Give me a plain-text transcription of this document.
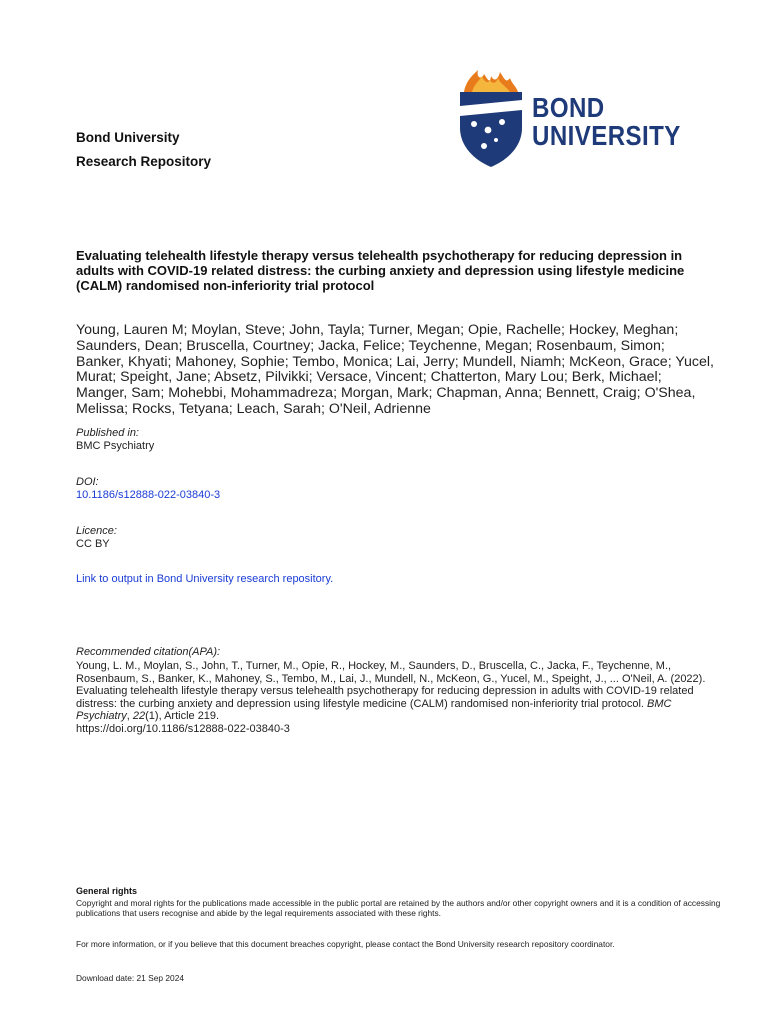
Bond University
Research Repository
BOND
UNIVERSITY
Evaluating telehealth lifestyle therapy versus telehealth psychotherapy for reducing depression in adults with COVID-19 related distress: the curbing anxiety and depression using lifestyle medicine (CALM) randomised non-inferiority trial protocol
Young, Lauren M; Moylan, Steve; John, Tayla; Turner, Megan; Opie, Rachelle; Hockey, Meghan; Saunders, Dean; Bruscella, Courtney; Jacka, Felice; Teychenne, Megan; Rosenbaum, Simon; Banker, Khyati; Mahoney, Sophie; Tembo, Monica; Lai, Jerry; Mundell, Niamh; McKeon, Grace; Yucel, Murat; Speight, Jane; Absetz, Pilvikki; Versace, Vincent; Chatterton, Mary Lou; Berk, Michael; Manger, Sam; Mohebbi, Mohammadreza; Morgan, Mark; Chapman, Anna; Bennett, Craig; O'Shea, Melissa; Rocks, Tetyana; Leach, Sarah; O'Neil, Adrienne
Published in:
BMC Psychiatry
DOI:
10.1186/s12888-022-03840-3
Licence:
CC BY
Link to output in Bond University research repository.
Recommended citation(APA):
Young, L. M., Moylan, S., John, T., Turner, M., Opie, R., Hockey, M., Saunders, D., Bruscella, C., Jacka, F., Teychenne, M., Rosenbaum, S., Banker, K., Mahoney, S., Tembo, M., Lai, J., Mundell, N., McKeon, G., Yucel, M., Speight, J., ... O'Neil, A. (2022). Evaluating telehealth lifestyle therapy versus telehealth psychotherapy for reducing depression in adults with COVID-19 related distress: the curbing anxiety and depression using lifestyle medicine (CALM) randomised non-inferiority trial protocol. BMC Psychiatry, 22(1), Article 219.
https://doi.org/10.1186/s12888-022-03840-3
General rights
Copyright and moral rights for the publications made accessible in the public portal are retained by the authors and/or other copyright owners and it is a condition of accessing publications that users recognise and abide by the legal requirements associated with these rights.
For more information, or if you believe that this document breaches copyright, please contact the Bond University research repository coordinator.
Download date: 21 Sep 2024
